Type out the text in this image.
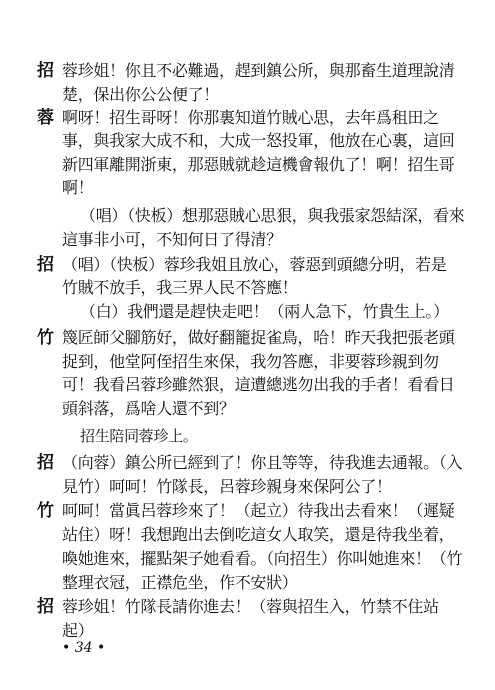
招 蓉珍姐！你且不必難過，趕到鎮公所，與那畜生道理說清
楚，保出你公公便了！
蓉 啊呀！招生哥呀！你那裏知道竹賊心思，去年爲租田之
事，與我家大成不和，大成一怒投軍，他放在心裏，這回
新四軍離開浙東，那惡賊就趁這機會報仇了！啊！招生哥
啊！
（唱）（快板）想那惡賊心思狠，與我張家怨結深，看來
這事非小可，不知何日了得清？
招 （唱）（快板）蓉珍我姐且放心，蓉惡到頭總分明，若是
竹賊不放手，我三界人民不答應！
（白）我們還是趕快走吧！（兩人急下，竹貴生上。）
竹 篾匠師父腳筋好，做好翻籠捉雀鳥，哈！昨天我把張老頭
捉到，他堂阿侄招生來保，我勿答應，非要蓉珍親到勿
可！我看呂蓉珍雖然狠，這遭總逃勿出我的手者！看看日
頭斜落，爲啥人還不到？
招生陪同蓉珍上。
招 （向蓉）鎮公所已經到了！你且等等，待我進去通報。（入
見竹）呵呵！竹隊長，呂蓉珍親身來保阿公了！
竹 呵呵！當眞呂蓉珍來了！（起立）待我出去看來！（遲疑
站住）呀！我想跑出去倒吃這女人取笑，還是待我坐着，
喚她進來，擺點架子她看看。（向招生）你叫她進來！（竹
整理衣冠，正襟危坐，作不安狀）
招 蓉珍姐！竹隊長請你進去！（蓉與招生入，竹禁不住站
起）
• 34 •
